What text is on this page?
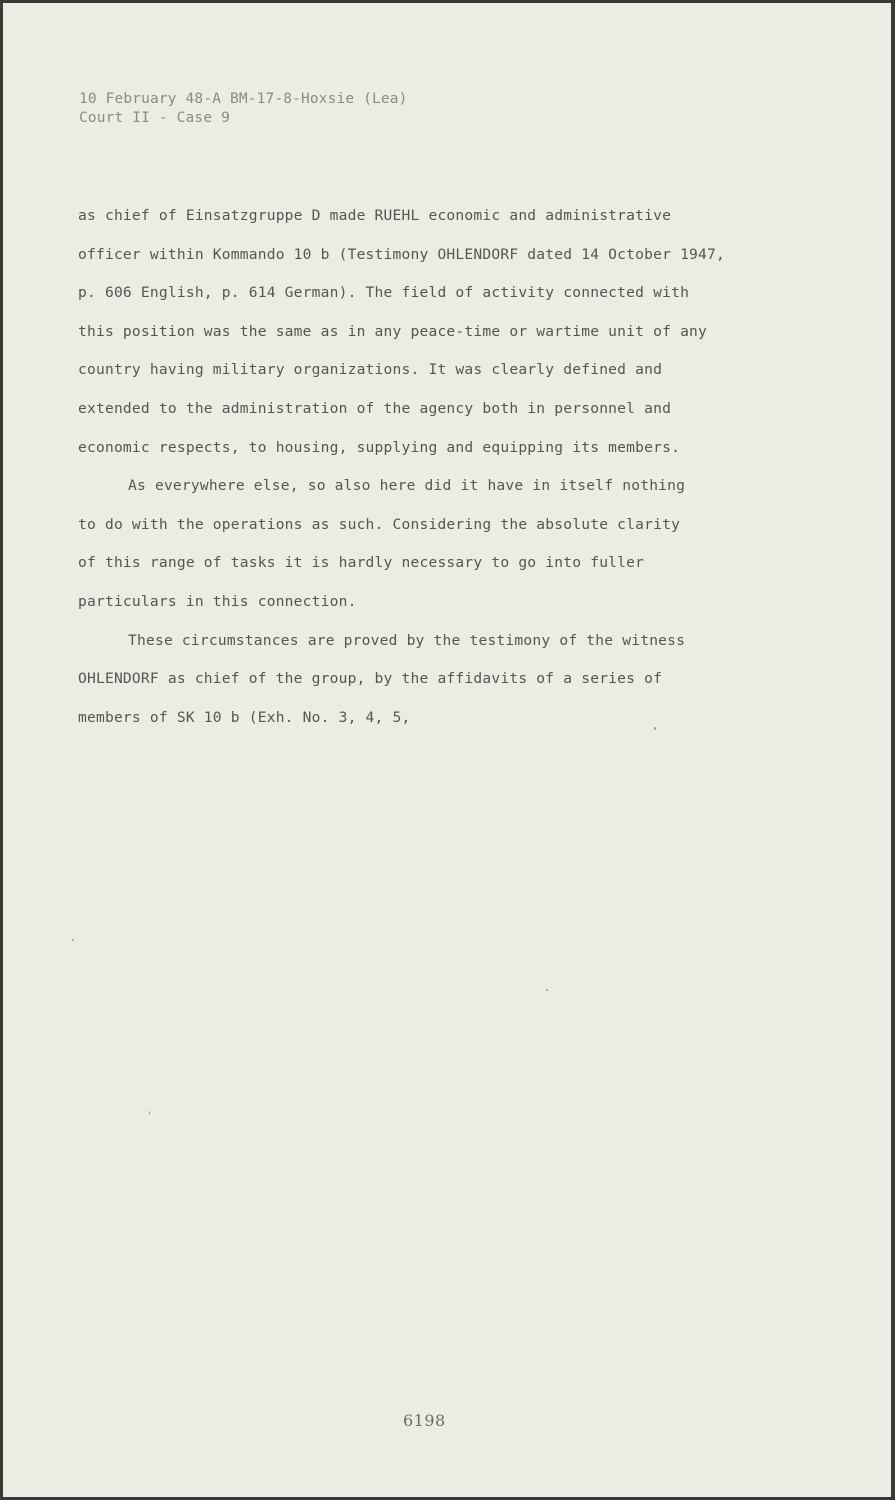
10 February 48-A BM-17-8-Hoxsie (Lea)
Court II - Case 9
as chief of Einsatzgruppe D made RUEHL economic and administrative
officer within Kommando 10 b (Testimony OHLENDORF dated 14 October 1947,
p. 606 English, p. 614 German). The field of activity connected with
this position was the same as in any peace-time or wartime unit of any
country having military organizations. It was clearly defined and
extended to the administration of the agency both in personnel and
economic respects, to housing, supplying and equipping its members.
As everywhere else, so also here did it have in itself nothing
to do with the operations as such. Considering the absolute clarity
of this range of tasks it is hardly necessary to go into fuller
particulars in this connection.
These circumstances are proved by the testimony of the witness
OHLENDORF as chief of the group, by the affidavits of a series of
members of SK 10 b (Exh. No. 3, 4, 5,
6198
